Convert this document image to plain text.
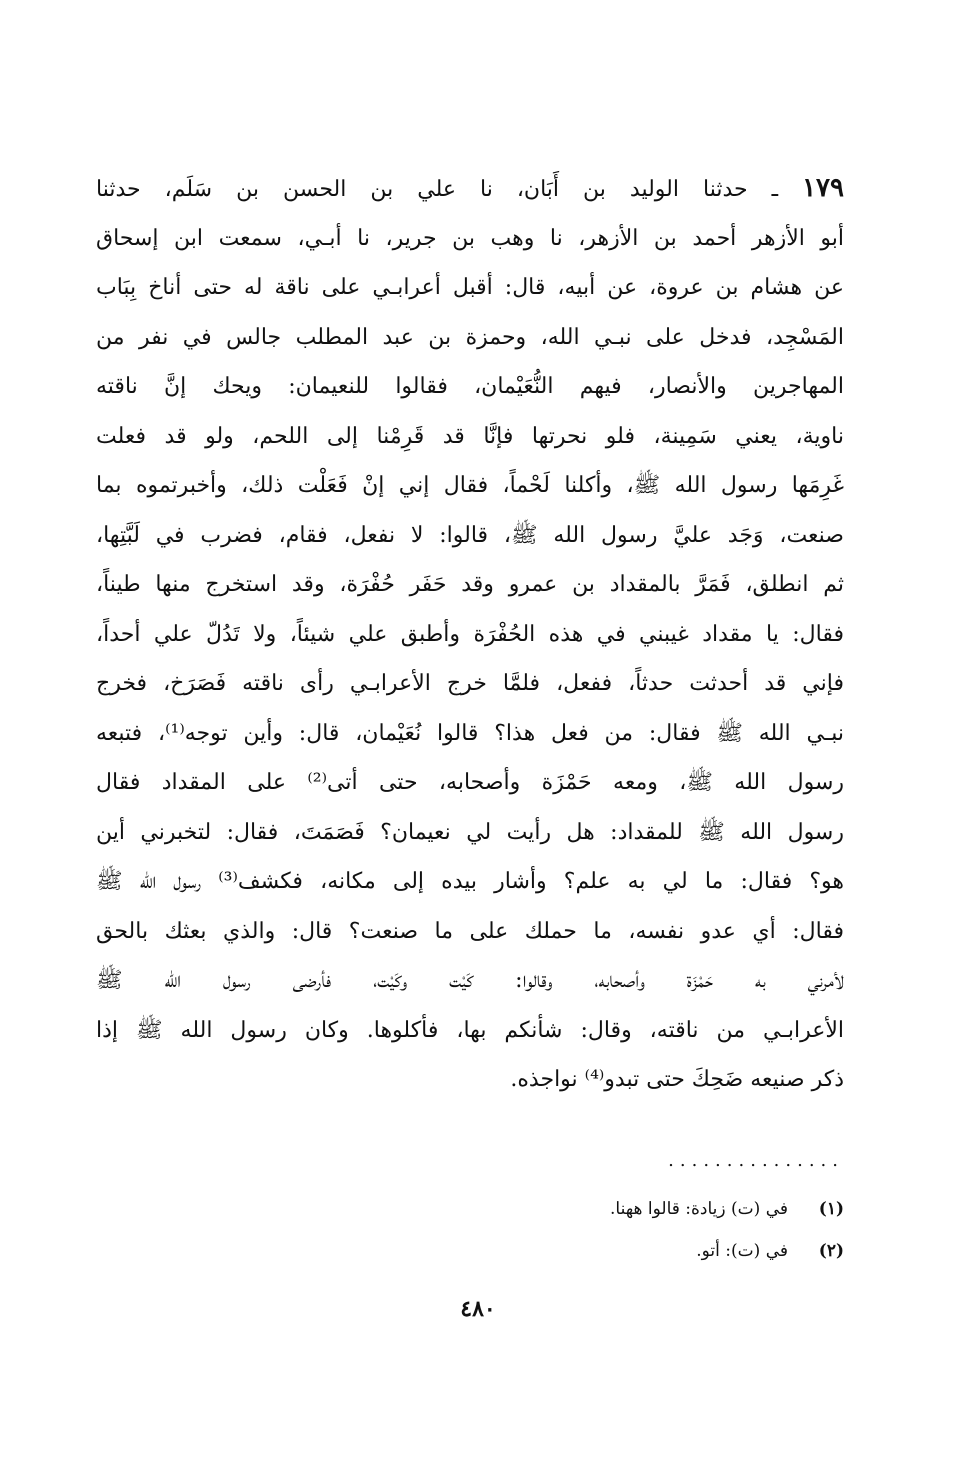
١٧٩ ـ حدثنا الوليد بن أَبَان، نا علي بن الحسن بن سَلَم، حدثنا
أبو الأزهر أحمد بن الأزهر، نا وهب بن جرير، نا أبـي، سمعت ابن إسحاق
عن هشام بن عروة، عن أبيه، قال: أقبل أعرابـي على ناقة له حتى أناخ بِبَاب
المَسْجِد، فدخل على نبـي الله، وحمزة بن عبد المطلب جالس في نفر من
المهاجرين والأنصار، فيهم النُّعَيْمان، فقالوا للنعيمان: ويحك إنَّ ناقته
ناوية، يعني سَمِينة، فلو نحرتها فإنَّا قد قَرِمْنا إلى اللحم، ولو قد فعلت
غَرِمَها رسول الله ﷺ، وأكلنا لَحْماً، فقال إني إنْ فَعَلْت ذلك، وأخبرتموه بما
صنعت، وَجَد عليَّ رسول الله ﷺ، قالوا: لا نفعل، فقام، فضرب في لَبَّتِها،
ثم انطلق، فَمَرَّ بالمقداد بن عمرو وقد حَفَر حُفْرَة، وقد استخرج منها طيناً،
فقال: يا مقداد غيبني في هذه الحُفْرَة وأطبق علي شيئاً، ولا تَدُلّ علي أحداً،
فإني قد أحدثت حدثاً، ففعل، فلمَّا خرج الأعرابـي رأى ناقته فَصَرَخ، فخرج
نبـي الله ﷺ فقال: من فعل هذا؟ قالوا نُعَيْمان، قال: وأين توجه⁽¹⁾، فتبعه
رسول الله ﷺ، ومعه حَمْزَة وأصحابه، حتى أتى⁽²⁾ على المقداد فقال
رسول الله ﷺ للمقداد: هل رأيت لي نعيمان؟ فَصَمَتَ، فقال: لتخبرني أين
هو؟ فقال: ما لي به علم؟ وأشار بيده إلى مكانه، فكشف⁽³⁾ رسول الله ﷺ
فقال: أي عدو نفسه، ما حملك على ما صنعت؟ قال: والذي بعثك بالحق
لأمرني به حَمْزَة وأصحابه، وقالوا: كَيْت وكَيْت، فأرضى رسول الله ﷺ
الأعرابـي من ناقته، وقال: شأنكم بها، فأكلوها. وكان رسول الله ﷺ إذا
ذكر صنيعه ضَحِكَ حتى تبدو⁽⁴⁾ نواجذه.
...............
(١)
في (ت) زيادة: قالوا ههنا.
(٢)
في (ت): أتو.
٤٨٠
